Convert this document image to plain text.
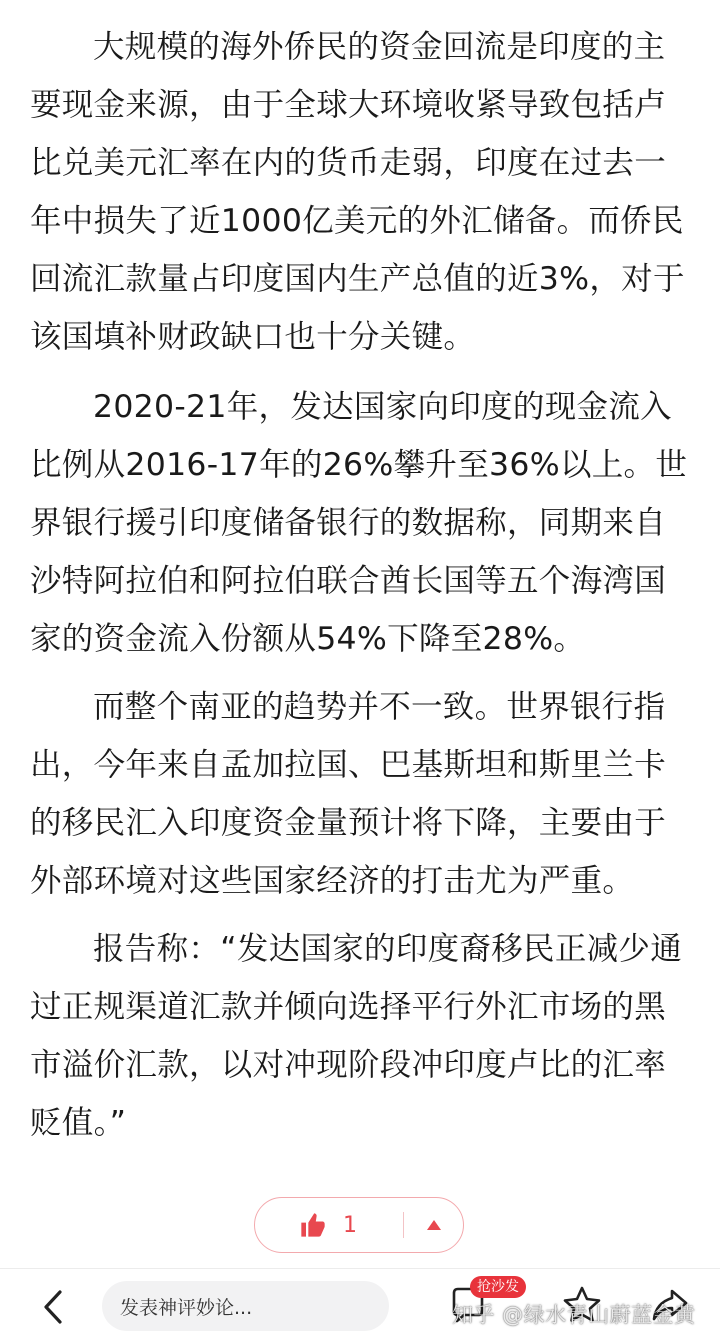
大规模的海外侨民的资金回流是印度的主要现金来源，由于全球大环境收紧导致包括卢比兑美元汇率在内的货币走弱，印度在过去一年中损失了近1000亿美元的外汇储备。而侨民回流汇款量占印度国内生产总值的近3%，对于该国填补财政缺口也十分关键。

2020-21年，发达国家向印度的现金流入比例从2016-17年的26%攀升至36%以上。世界银行援引印度储备银行的数据称，同期来自沙特阿拉伯和阿拉伯联合酋长国等五个海湾国家的资金流入份额从54%下降至28%。

而整个南亚的趋势并不一致。世界银行指出，今年来自孟加拉国、巴基斯坦和斯里兰卡的移民汇入印度资金量预计将下降，主要由于外部环境对这些国家经济的打击尤为严重。

报告称：“发达国家的印度裔移民正减少通过正规渠道汇款并倾向选择平行外汇市场的黑市溢价汇款，以对冲现阶段冲印度卢比的汇率贬值。”

1
发表神评妙论...
抢沙发
知乎 @绿水青山蔚蓝金黄
